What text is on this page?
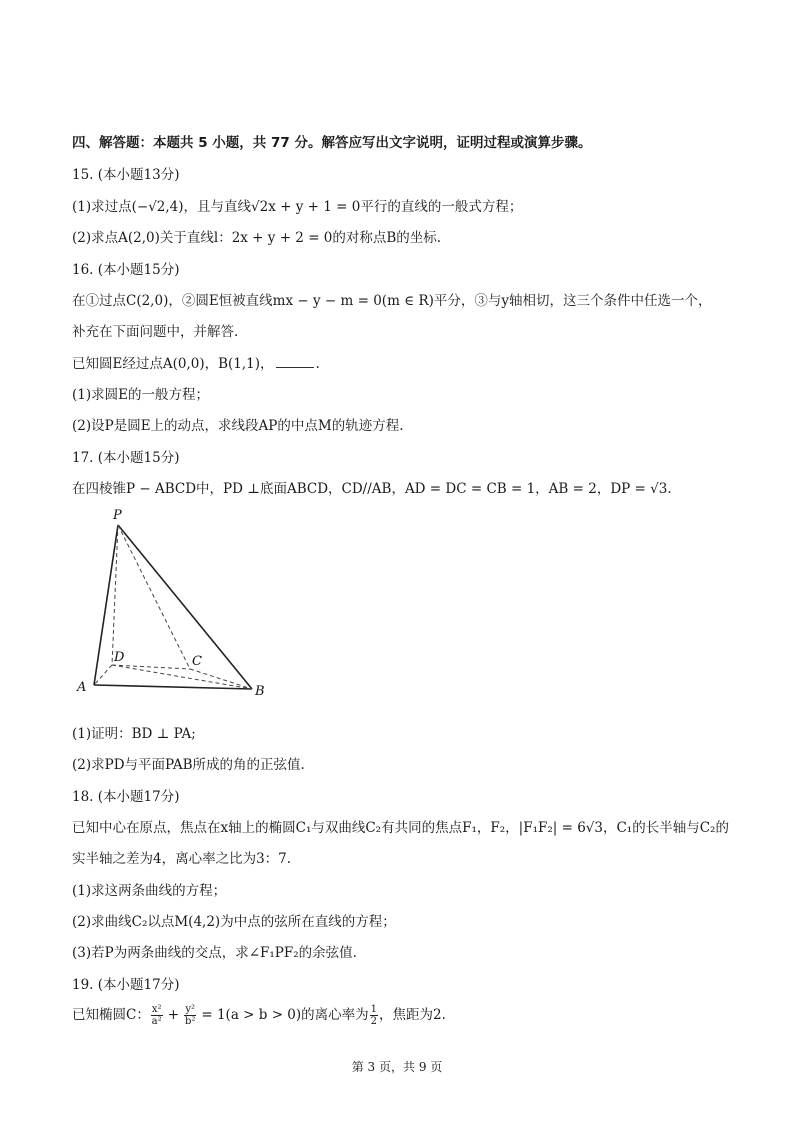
四、解答题：本题共 5 小题，共 77 分。解答应写出文字说明，证明过程或演算步骤。
15. (本小题13分)
(1)求过点(−√2,4)，且与直线√2x + y + 1 = 0平行的直线的一般式方程；
(2)求点A(2,0)关于直线l：2x + y + 2 = 0的对称点B的坐标.
16. (本小题15分)
在①过点C(2,0)，②圆E恒被直线mx − y − m = 0(m ∈ R)平分，③与y轴相切，这三个条件中任选一个，
补充在下面问题中，并解答.
已知圆E经过点A(0,0)，B(1,1)，	.
(1)求圆E的一般方程；
(2)设P是圆E上的动点，求线段AP的中点M的轨迹方程.
17. (本小题15分)
在四棱锥P − ABCD中，PD ⊥底面ABCD，CD//AB，AD = DC = CB = 1，AB = 2，DP = √3.
P
A	B
C
D
(1)证明：BD ⊥ PA;
(2)求PD与平面PAB所成的角的正弦值.
18. (本小题17分)
已知中心在原点，焦点在x轴上的椭圆C₁与双曲线C₂有共同的焦点F₁，F₂，|F₁F₂| = 6√3，C₁的长半轴与C₂的
实半轴之差为4，离心率之比为3：7.
(1)求这两条曲线的方程；
(2)求曲线C₂以点M(4,2)为中点的弦所在直线的方程；
(3)若P为两条曲线的交点，求∠F₁PF₂的余弦值.
19. (本小题17分)
已知椭圆C： $\frac{\text{x²}}{\text{a²}} + \frac{\text{y²}}{\text{b²}} = 1(a > b > 0)$的离心率为 $\frac{1}{2}$ ，焦距为2.
第 3 页，共 9 页
